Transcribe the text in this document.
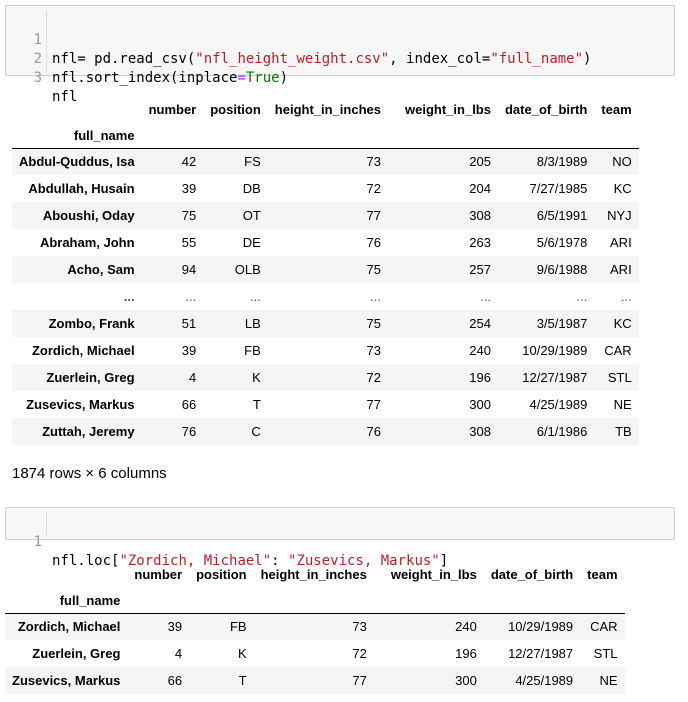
1

nfl= pd.read_csv("nfl_height_weight.csv", index_col="full_name")

2

nfl.sort_index(inplace=True)

3

nfl

	number	position	height_in_inches	weight_in_lbs	date_of_birth	team
full_name						
Abdul-Quddus, Isa	42	FS	73	205	8/3/1989	NO
Abdullah, Husain	39	DB	72	204	7/27/1985	KC
Aboushi, Oday	75	OT	77	308	6/5/1991	NYJ
Abraham, John	55	DE	76	263	5/6/1978	ARI
Acho, Sam	94	OLB	75	257	9/6/1988	ARI
...	...	...	...	...	...	...
Zombo, Frank	51	LB	75	254	3/5/1987	KC
Zordich, Michael	39	FB	73	240	10/29/1989	CAR
Zuerlein, Greg	4	K	72	196	12/27/1987	STL
Zusevics, Markus	66	T	77	300	4/25/1989	NE
Zuttah, Jeremy	76	C	76	308	6/1/1986	TB
1874 rows × 6 columns

1

nfl.loc["Zordich, Michael": "Zusevics, Markus"]

	number	position	height_in_inches	weight_in_lbs	date_of_birth	team
full_name						
Zordich, Michael	39	FB	73	240	10/29/1989	CAR
Zuerlein, Greg	4	K	72	196	12/27/1987	STL
Zusevics, Markus	66	T	77	300	4/25/1989	NE
